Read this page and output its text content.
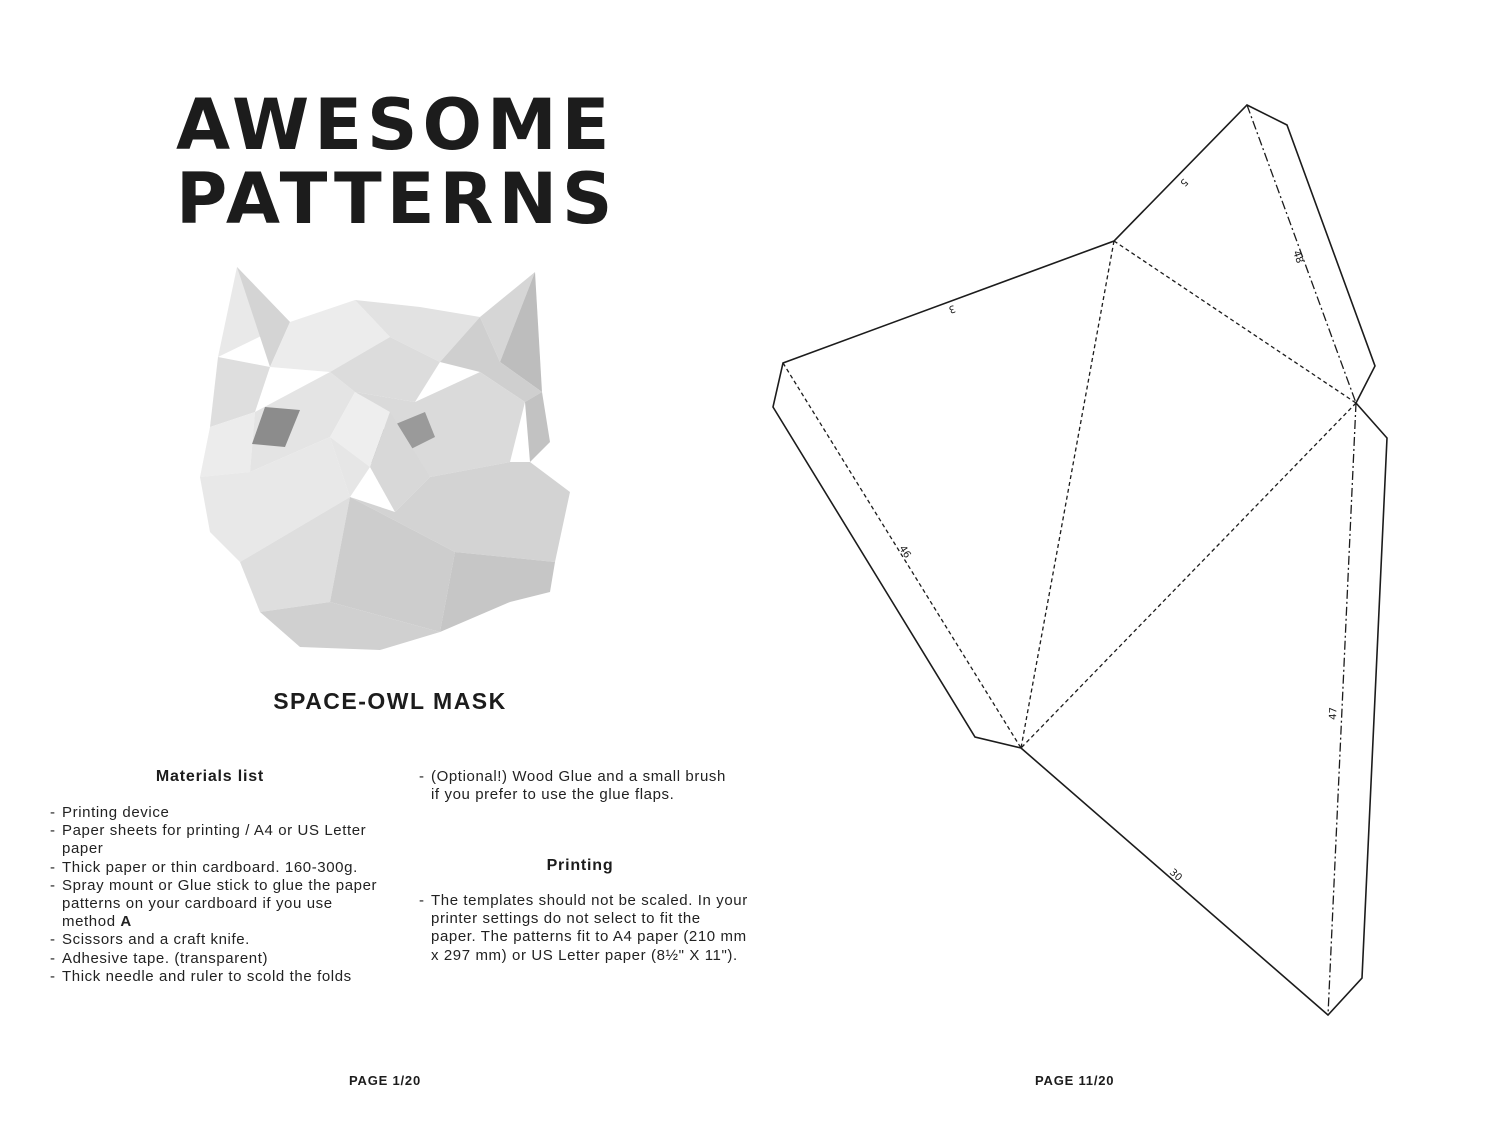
AWESOME
PATTERNS
SPACE-OWL MASK
Materials list
- Printing device
- Paper sheets for printing / A4 or US Letter paper
- Thick paper or thin cardboard. 160-300g.
- Spray mount or Glue stick to glue the paper patterns on your cardboard if you use method A
- Scissors and a craft knife.
- Adhesive tape. (transparent)
- Thick needle and ruler to scold the folds
- (Optional!) Wood Glue and a small brush if you prefer to use the glue flaps.
Printing
- The templates should not be scaled. In your printer settings do not select to fit the paper. The patterns fit to A4 paper (210 mm x 297 mm) or US Letter paper (8½" X 11").

PAGE 1/20

5
48
3
46
47
30

PAGE 11/20
